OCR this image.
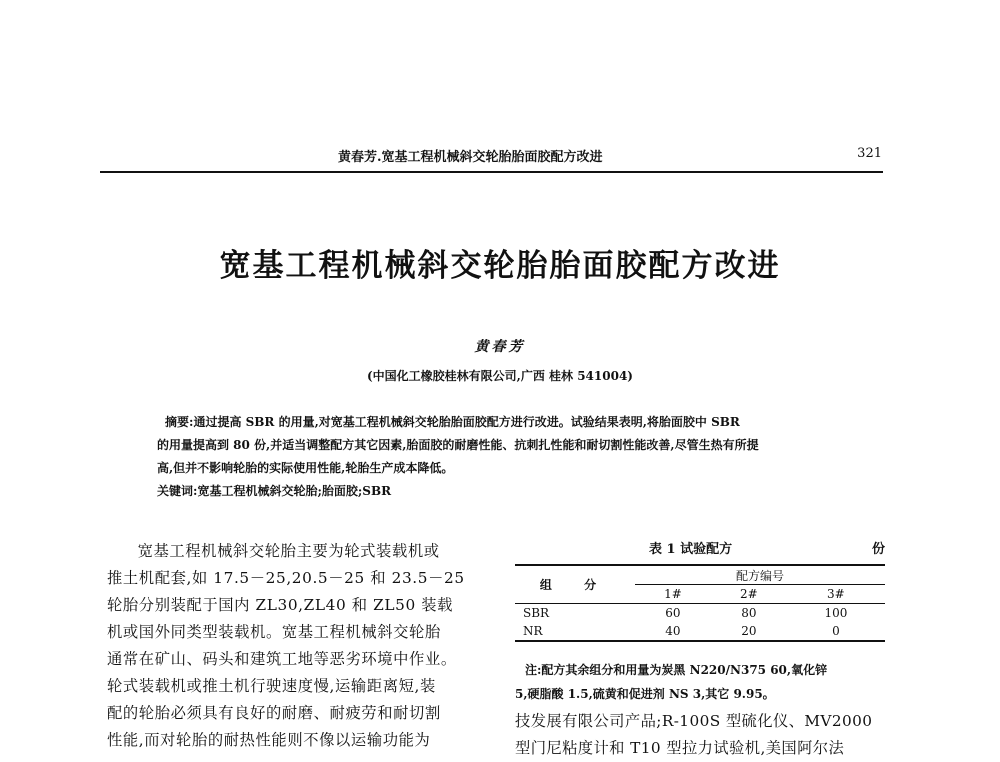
黄春芳.宽基工程机械斜交轮胎胎面胶配方改进	321
宽基工程机械斜交轮胎胎面胶配方改进
黄春芳
(中国化工橡胶桂林有限公司,广西 桂林 541004)

摘要:通过提高 SBR 的用量,对宽基工程机械斜交轮胎胎面胶配方进行改进。试验结果表明,将胎面胶中 SBR

的用量提高到 80 份,并适当调整配方其它因素,胎面胶的耐磨性能、抗刺扎性能和耐切割性能改善,尽管生热有所提

高,但并不影响轮胎的实际使用性能,轮胎生产成本降低。

关键词:宽基工程机械斜交轮胎;胎面胶;SBR

宽基工程机械斜交轮胎主要为轮式装载机或

推土机配套,如 17.5－25,20.5－25 和 23.5－25
轮胎分别装配于国内 ZL30,ZL40 和 ZL50 装载
机或国外同类型装载机。宽基工程机械斜交轮胎
通常在矿山、码头和建筑工地等恶劣环境中作业。
轮式装载机或推土机行驶速度慢,运输距离短,装
配的轮胎必须具有良好的耐磨、耐疲劳和耐切割
性能,而对轮胎的耐热性能则不像以运输功能为
表 1 试验配方	份
组 分	配方编号		
	1#	2#	3#
SBR	60	80	100
NR	40	20	0

注:配方其余组分和用量为炭黑 N220/N375 60,氧化锌

5,硬脂酸 1.5,硫黄和促进剂 NS 3,其它 9.95。

技发展有限公司产品;R-100S 型硫化仪、MV2000

型门尼粘度计和 T10 型拉力试验机,美国阿尔法
